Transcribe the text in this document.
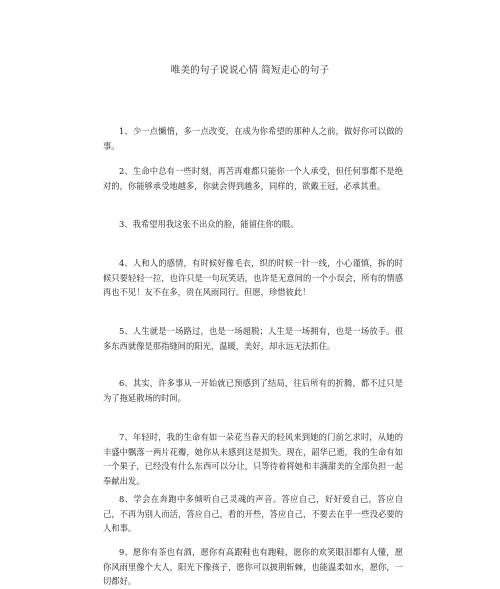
唯美的句子说说心情 简短走心的句子
1、少一点懒惰，多一点改变，在成为你希望的那种人之前，做好你可以做的事。
2、生命中总有一些时刻，再苦再难都只能你一个人承受，但任何事都不是绝对的，你能够承受地越多，你就会得到越多，同样的，欲戴王冠，必承其重。
3、我希望用我这张不出众的脸，能留住你的眼。
4、人和人的感情，有时候好像毛衣，织的时候一针一线，小心谨慎，拆的时候只要轻轻一拉，也许只是一句玩笑话，也许是无意间的一个小误会，所有的情感再也不见！友不在多，贵在风雨同行。但愿，珍惜彼此！
5、人生就是一场路过，也是一场超脱；人生是一场拥有，也是一场放手。很多东西就像是那指缝间的阳光，温暖，美好，却永远无法抓住。
6、其实，许多事从一开始就已预感到了结局，往后所有的折腾，都不过只是为了拖延散场的时间。
7、年轻时，我的生命有如一朵花当春天的轻风来到她的门前乞求时，从她的丰盛中飘落一两片花瓣，她你从未感到这是损失。现在，韶华已逝，我的生命有如一个果子，已经没有什么东西可以分让，只等待着将她和丰满甜美的全部负担一起奉献出发。
8、学会在奔跑中多倾听自己灵魂的声音。答应自己，好好爱自己，答应自己，不再为别人而活，答应自己，看的开些，答应自己，不要去在乎一些没必要的人和事。
9、愿你有茶也有酒，愿你有高跟鞋也有跑鞋，愿你的欢笑眼泪都有人懂，愿你风雨里像个大人，阳光下像孩子，愿你可以披荆斩棘，也能温柔如水，愿你，一切都好。
